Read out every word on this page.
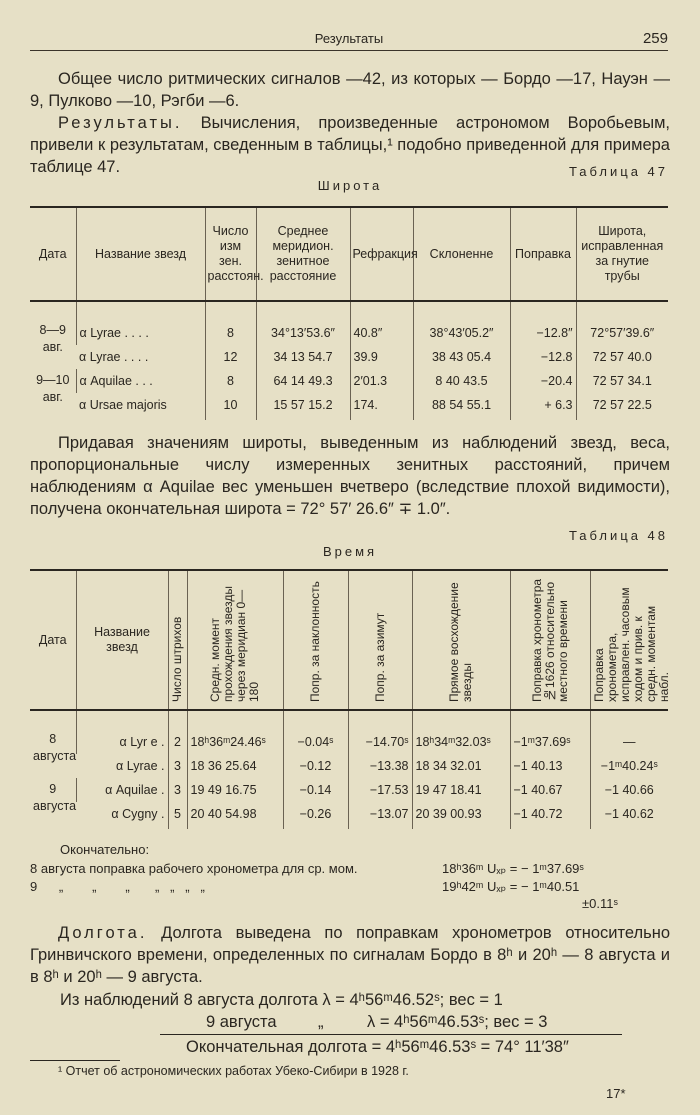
Результаты	259

Общее число ритмических сигналов —42, из которых — Бордо —17, Науэн —9, Пулково —10, Рэгби —6.

Результаты. Вычисления, произведенные астрономом Воробьевым, привели к результатам, сведенным в таблицы,¹ подобно приведенной для примера таблице 47.	Таблица 47
Широта
Дата	Название звезд	Число изм зен. расстоян.	Среднее меридион. зенитное расстояние	Рефракция	Склоненне	Поправка	Широта, исправленная за гнутие трубы

8—9 авг.	α Lyrae . . . .	8	34°13′53.6″	40.8″	38°43′05.2″	−12.8″	72°57′39.6″
	α Lyrae . . . .	12	34 13 54.7	39.9	38 43 05.4	−12.8	72 57 40.0
9—10 авг.	α Aquilae . . .	8	64 14 49.3	2′01.3	8 40 43.5	−20.4	72 57 34.1
	α Ursae majoris	10	15 57 15.2	174.	88 54 55.1	+ 6.3	72 57 22.5

Придавая значениям широты, выведенным из наблюдений звезд, веса, пропорциональные числу измеренных зенитных расстояний, причем наблюдениям α Aquilae вес уменьшен вчетверо (вследствие плохой видимости), получена окончательная широта = 72° 57′ 26.6″ ∓ 1.0″.

Таблица 48
Время
Дата	Название звезд	Число штрихов	Средн. момент прохождения звезды через меридиан 0—180	Попр. за наклонность	Попр. за азимут	Прямое восхождение звезды	Поправка хронометра №1626 относительно местного времени	Поправка хронометра, исправлен. часовым ходом и прив. к средн. моментам набл.

8 августа	α Lyr e .	2	18ʰ36ᵐ24.46ˢ	−0.04ˢ	−14.70ˢ	18ʰ34ᵐ32.03ˢ	−1ᵐ37.69ˢ	—
	α Lyrae .	3	18 36 25.64	−0.12	−13.38	18 34 32.01	−1 40.13	−1ᵐ40.24ˢ
9 августа	α Aquilae .	3	19 49 16.75	−0.14	−17.53	19 47 18.41	−1 40.67	−1 40.66
	α Cygny .	5	20 40 54.98	−0.26	−13.07	20 39 00.93	−1 40.72	−1 40.62
Окончательно:
8 августа поправка рабочего хронометра для ср. мом.	18ʰ36ᵐ Uₓₚ = − 1ᵐ37.69ˢ
9      „        „        „       „   „   „   „	19ʰ42ᵐ Uₓₚ = − 1ᵐ40.51
±0.11ˢ

Долгота. Долгота выведена по поправкам хронометров относительно Гринвичского времени, определенных по сигналам Бордо в 8ʰ и 20ʰ — 8 августа и в 8ʰ и 20ʰ — 9 августа.

Из наблюдений 8 августа долгота λ = 4ʰ56ᵐ46.52ˢ; вес = 1
9 августа	„	λ = 4ʰ56ᵐ46.53ˢ; вес = 3
Окончательная долгота = 4ʰ56ᵐ46.53ˢ = 74° 11′38″
¹ Отчет об астрономических работах Убеко-Сибири в 1928 г.
17*
